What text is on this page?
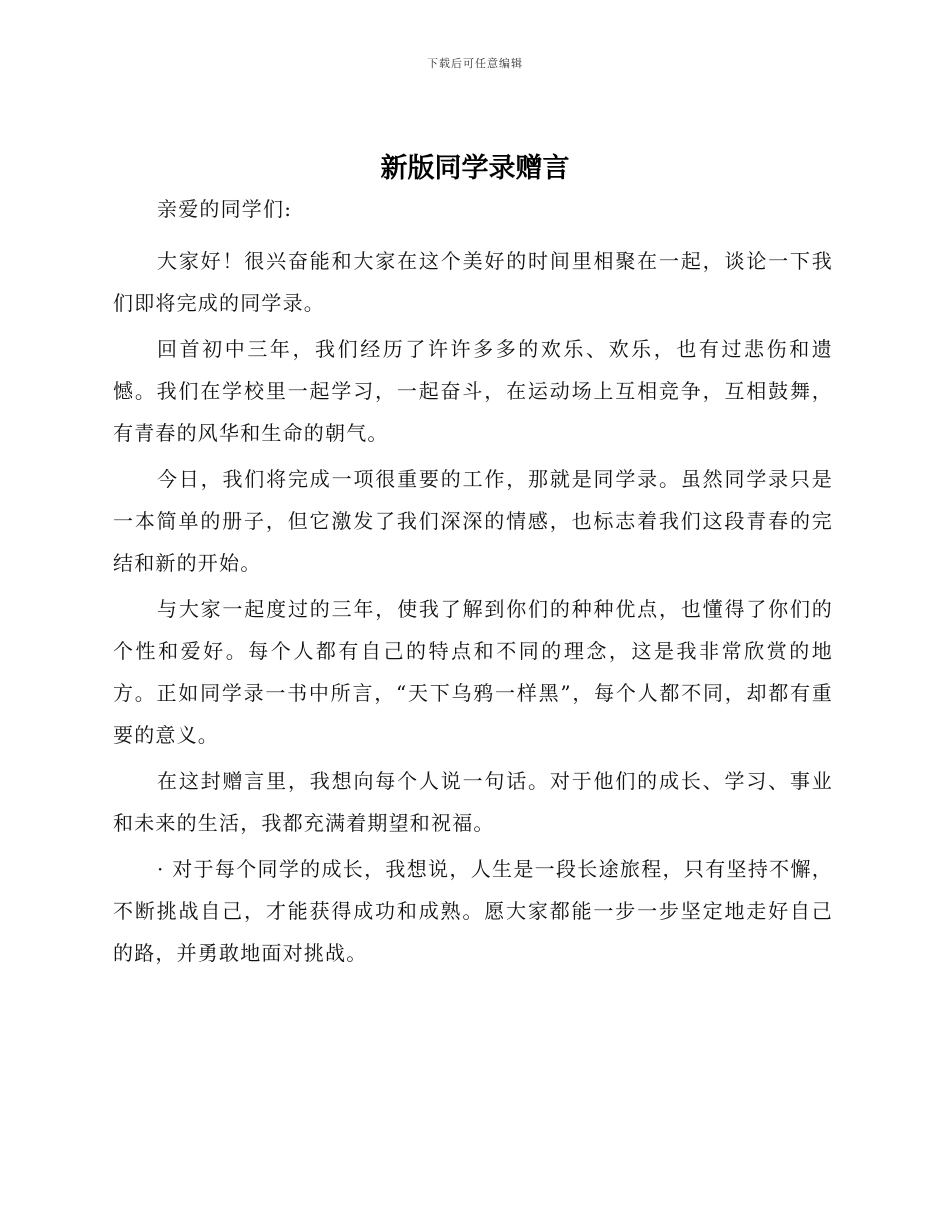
下载后可任意编辑
新版同学录赠言

亲爱的同学们:

大家好！很兴奋能和大家在这个美好的时间里相聚在一起，谈论一下我们即将完成的同学录。

回首初中三年，我们经历了许许多多的欢乐、欢乐，也有过悲伤和遗憾。我们在学校里一起学习，一起奋斗，在运动场上互相竞争，互相鼓舞，有青春的风华和生命的朝气。

今日，我们将完成一项很重要的工作，那就是同学录。虽然同学录只是一本简单的册子，但它激发了我们深深的情感，也标志着我们这段青春的完结和新的开始。

与大家一起度过的三年，使我了解到你们的种种优点，也懂得了你们的个性和爱好。每个人都有自己的特点和不同的理念，这是我非常欣赏的地方。正如同学录一书中所言，“天下乌鸦一样黑”，每个人都不同，却都有重要的意义。

在这封赠言里，我想向每个人说一句话。对于他们的成长、学习、事业和未来的生活，我都充满着期望和祝福。

· 对于每个同学的成长，我想说，人生是一段长途旅程，只有坚持不懈，不断挑战自己，才能获得成功和成熟。愿大家都能一步一步坚定地走好自己的路，并勇敢地面对挑战。
